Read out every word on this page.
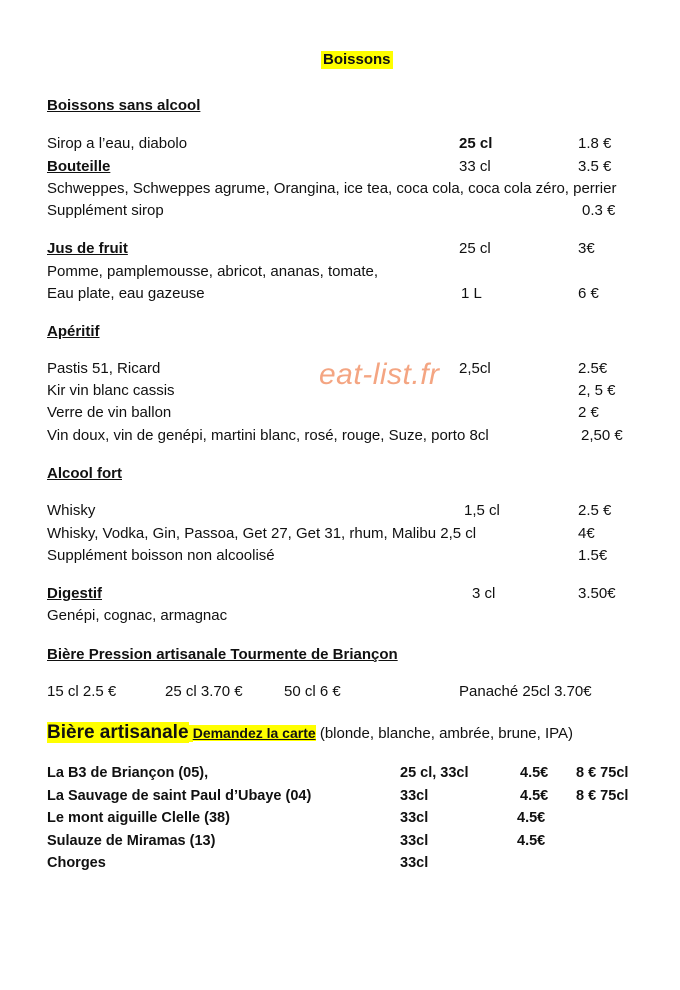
Boissons
eat-list.fr
Boissons sans alcool
Sirop a l’eau, diabolo	25 cl	1.8 €
Bouteille	33 cl	3.5 €
Schweppes, Schweppes agrume, Orangina, ice tea, coca cola, coca cola zéro, perrier
Supplément sirop	0.3 €
Jus de fruit	25 cl	3€
Pomme, pamplemousse, abricot, ananas, tomate,
Eau plate, eau gazeuse	1 L	6 €
Apéritif
Pastis 51, Ricard	2,5cl	2.5€
Kir vin blanc cassis	2, 5 €
Verre de vin ballon	2 €
Vin doux, vin de genépi, martini blanc, rosé, rouge, Suze, porto 8cl	2,50 €
Alcool fort
Whisky	1,5 cl	2.5 €
Whisky, Vodka, Gin, Passoa, Get 27, Get 31, rhum, Malibu 2,5 cl	4€
Supplément boisson non alcoolisé	1.5€
Digestif	3 cl	3.50€
Genépi, cognac, armagnac
Bière Pression artisanale Tourmente de Briançon
15 cl 2.5 €	25 cl 3.70 €	50 cl 6 €	Panaché 25cl 3.70€
Bière artisanale Demandez la carte (blonde, blanche, ambrée, brune, IPA)
La B3 de Briançon (05),	25 cl, 33cl	4.5€ 8 € 75cl
La Sauvage de saint Paul d’Ubaye (04)	33cl	4.5€ 8 € 75cl
Le mont aiguille Clelle (38)	33cl	4.5€
Sulauze de Miramas (13)	33cl	4.5€
Chorges	33cl
